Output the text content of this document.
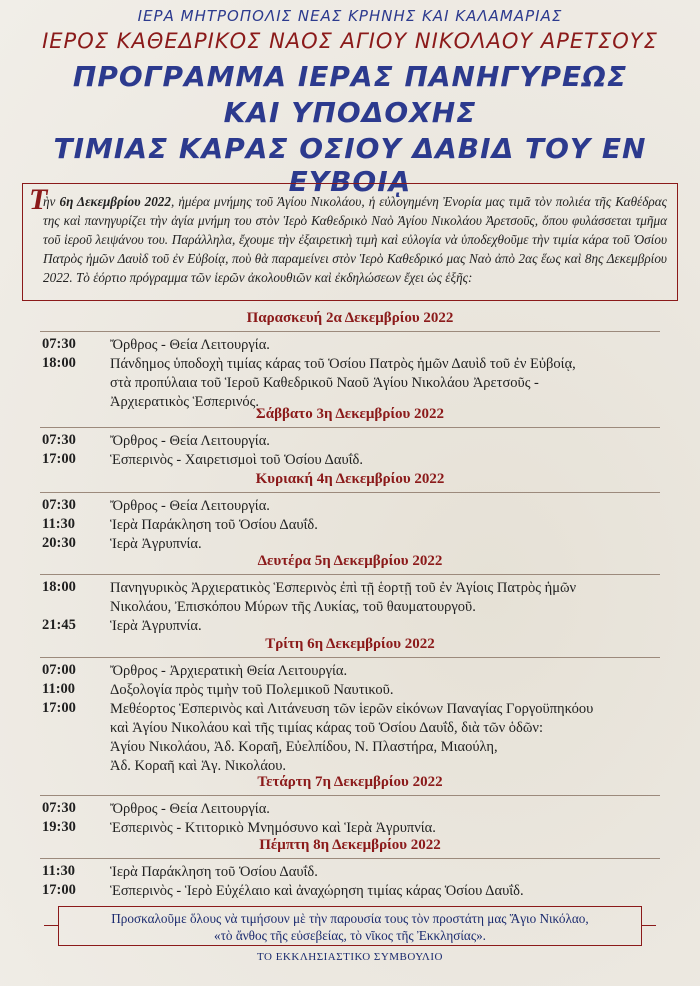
ΙΕΡΑ ΜΗΤΡΟΠΟΛΙΣ ΝΕΑΣ ΚΡΗΝΗΣ ΚΑΙ ΚΑΛΑΜΑΡΙΑΣ
ΙΕΡΟΣ ΚΑΘΕΔΡΙΚΟΣ ΝΑΟΣ ΑΓΙΟΥ ΝΙΚΟΛΑΟΥ ΑΡΕΤΣΟΥΣ
ΠΡΟΓΡΑΜΜΑ ΙΕΡΑΣ ΠΑΝΗΓΥΡΕΩΣ
ΚΑΙ ΥΠΟΔΟΧΗΣ
ΤΙΜΙΑΣ ΚΑΡΑΣ ΟΣΙΟΥ ΔΑΒΙΔ ΤΟΥ ΕΝ ΕΥΒΟΙᾼ
Τ

ὴν 6η Δεκεμβρίου 2022, ἡμέρα μνήμης τοῦ Ἁγίου Νικολάου, ἡ εὐλογημένη Ἐνορία μας τιμᾶ τὸν πολιέα τῆς Καθέδρας της καὶ πανηγυρίζει τὴν ἁγία μνήμη του στὸν Ἱερὸ Καθεδρικὸ Ναὸ Ἁγίου Νικολάου Ἀρετσοῦς, ὅπου φυλάσσεται τμῆμα τοῦ ἱεροῦ λειψάνου του. Παράλληλα, ἔχουμε τὴν ἐξαιρετικὴ τιμὴ καὶ εὐλογία νὰ ὑποδεχθοῦμε τὴν τιμία κάρα τοῦ Ὁσίου Πατρὸς ἡμῶν Δαυὶδ τοῦ ἐν Εὐβοίᾳ, ποὺ θὰ παραμείνει στὸν Ἱερὸ Καθεδρικό μας Ναὸ ἀπὸ 2ας ἕως καὶ 8ης Δεκεμβρίου 2022. Τὸ ἑόρτιο πρόγραμμα τῶν ἱερῶν ἀκολουθιῶν καὶ ἐκδηλώσεων ἔχει ὡς ἑξῆς:

Παρασκευή 2α Δεκεμβρίου 2022
07:30 Ὄρθρος - Θεία Λειτουργία.
18:00 Πάνδημος ὑποδοχὴ τιμίας κάρας τοῦ Ὁσίου Πατρὸς ἡμῶν Δαυὶδ τοῦ ἐν Εὐβοίᾳ,
στὰ προπύλαια τοῦ Ἱεροῦ Καθεδρικοῦ Ναοῦ Ἁγίου Νικολάου Ἀρετσοῦς -
Ἀρχιερατικὸς Ἑσπερινός.
Σάββατο 3η Δεκεμβρίου 2022
07:30 Ὄρθρος - Θεία Λειτουργία.
17:00 Ἑσπερινὸς - Χαιρετισμοὶ τοῦ Ὁσίου Δαυΐδ.
Κυριακή 4η Δεκεμβρίου 2022
07:30 Ὄρθρος - Θεία Λειτουργία.
11:30 Ἱερὰ Παράκληση τοῦ Ὁσίου Δαυΐδ.
20:30 Ἱερὰ Ἀγρυπνία.
Δευτέρα 5η Δεκεμβρίου 2022
18:00 Πανηγυρικὸς Ἀρχιερατικὸς Ἑσπερινὸς ἐπὶ τῇ ἑορτῇ τοῦ ἐν Ἁγίοις Πατρὸς ἡμῶν
Νικολάου, Ἐπισκόπου Μύρων τῆς Λυκίας, τοῦ θαυματουργοῦ.
21:45 Ἱερὰ Ἀγρυπνία.
Τρίτη 6η Δεκεμβρίου 2022
07:00 Ὄρθρος - Ἀρχιερατικὴ Θεία Λειτουργία.
11:00 Δοξολογία πρὸς τιμὴν τοῦ Πολεμικοῦ Ναυτικοῦ.
17:00 Μεθέορτος Ἑσπερινὸς καὶ Λιτάνευση τῶν ἱερῶν εἰκόνων Παναγίας Γοργοϋπηκόου
καὶ Ἁγίου Νικολάου καὶ τῆς τιμίας κάρας τοῦ Ὁσίου Δαυΐδ, διὰ τῶν ὁδῶν:
Ἁγίου Νικολάου, Ἀδ. Κοραῆ, Εὐελπίδου, Ν. Πλαστήρα, Μιαούλη,
Ἀδ. Κοραῆ καὶ Ἁγ. Νικολάου.
Τετάρτη 7η Δεκεμβρίου 2022
07:30 Ὄρθρος - Θεία Λειτουργία.
19:30 Ἑσπερινὸς - Κτιτορικὸ Μνημόσυνο καὶ Ἱερὰ Ἀγρυπνία.
Πέμπτη 8η Δεκεμβρίου 2022
11:30 Ἱερὰ Παράκληση τοῦ Ὁσίου Δαυΐδ.
17:00 Ἑσπερινὸς - Ἱερὸ Εὐχέλαιο καὶ ἀναχώρηση τιμίας κάρας Ὁσίου Δαυΐδ.
Προσκαλοῦμε ὅλους νὰ τιμήσουν μὲ τὴν παρουσία τους τὸν προστάτη μας Ἅγιο Νικόλαο,
«τὸ ἄνθος τῆς εὐσεβείας, τὸ νῖκος τῆς Ἐκκλησίας».
ΤΟ ΕΚΚΛΗΣΙΑΣΤΙΚΟ ΣΥΜΒΟΥΛΙΟ
